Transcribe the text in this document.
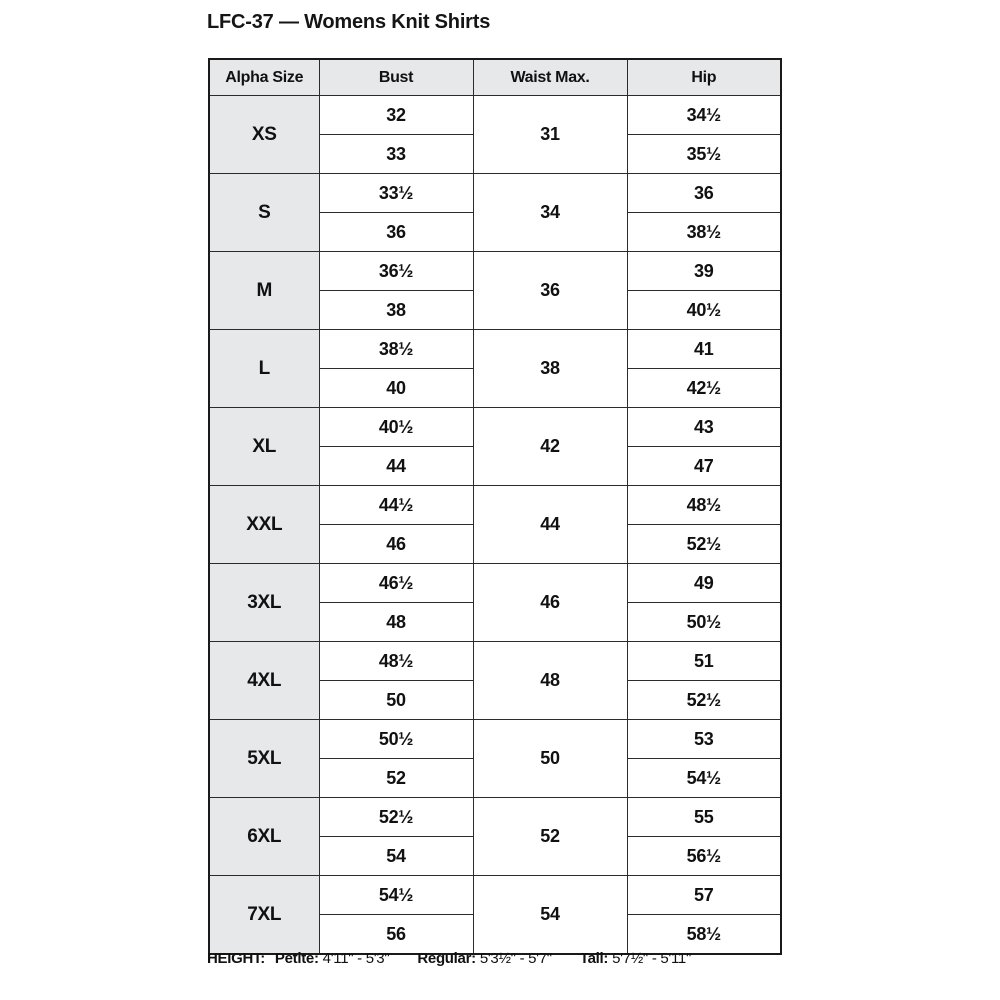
LFC-37 — Womens Knit Shirts
Alpha Size	Bust	Waist Max.	Hip
XS	32	31	34½
	33		35½
S	33½	34	36
	36		38½
M	36½	36	39
	38		40½
L	38½	38	41
	40		42½
XL	40½	42	43
	44		47
XXL	44½	44	48½
	46		52½
3XL	46½	46	49
	48		50½
4XL	48½	48	51
	50		52½
5XL	50½	50	53
	52		54½
6XL	52½	52	55
	54		56½
7XL	54½	54	57
	56		58½
HEIGHT: Petite: 4'11" - 5'3" Regular: 5'3½" - 5'7" Tall: 5'7½" - 5'11"
